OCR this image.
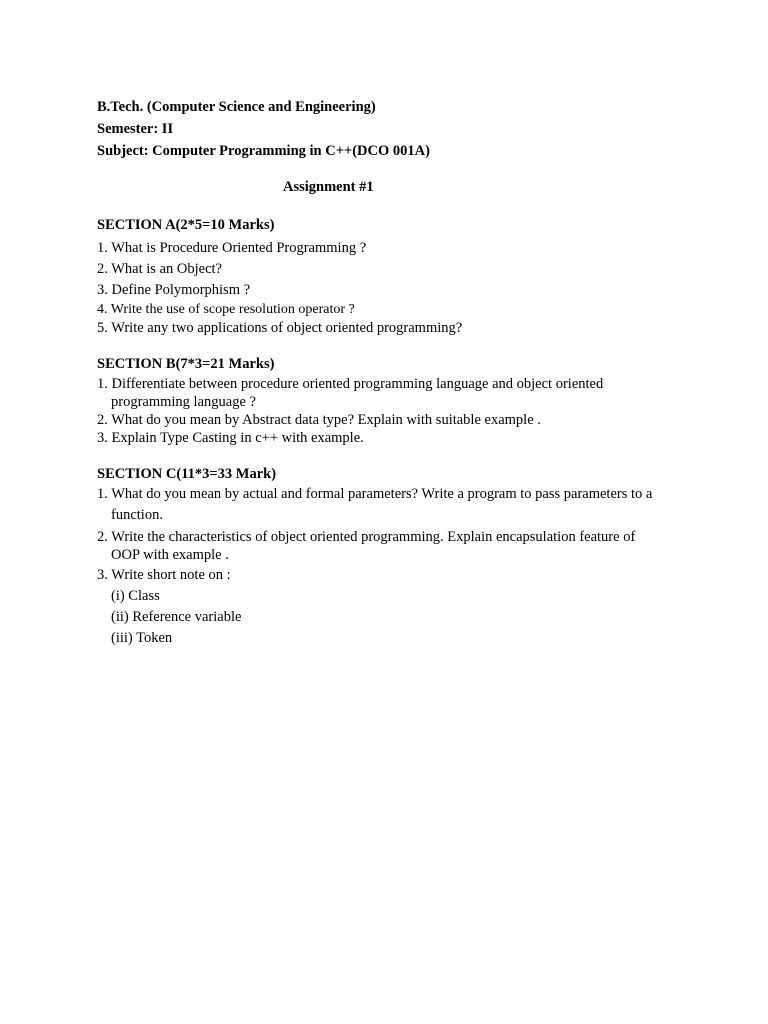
B.Tech. (Computer Science and Engineering)
Semester: II
Subject: Computer Programming in C++(DCO 001A)
Assignment #1
SECTION A(2*5=10 Marks)
1. What is Procedure Oriented Programming ?
2. What is an Object?
3. Define Polymorphism ?
4. Write the use of scope resolution operator ?
5. Write any two applications of object oriented programming?
SECTION B(7*3=21 Marks)
1. Differentiate between procedure oriented programming language and object oriented
programming language ?
2. What do you mean by Abstract data type? Explain with suitable example .
3. Explain Type Casting in c++ with example.
SECTION C(11*3=33 Mark)
1. What do you mean by actual and formal parameters? Write a program to pass parameters to a
function.
2. Write the characteristics of object oriented programming. Explain encapsulation feature of
OOP with example .
3. Write short note on :
(i) Class
(ii) Reference variable
(iii) Token
